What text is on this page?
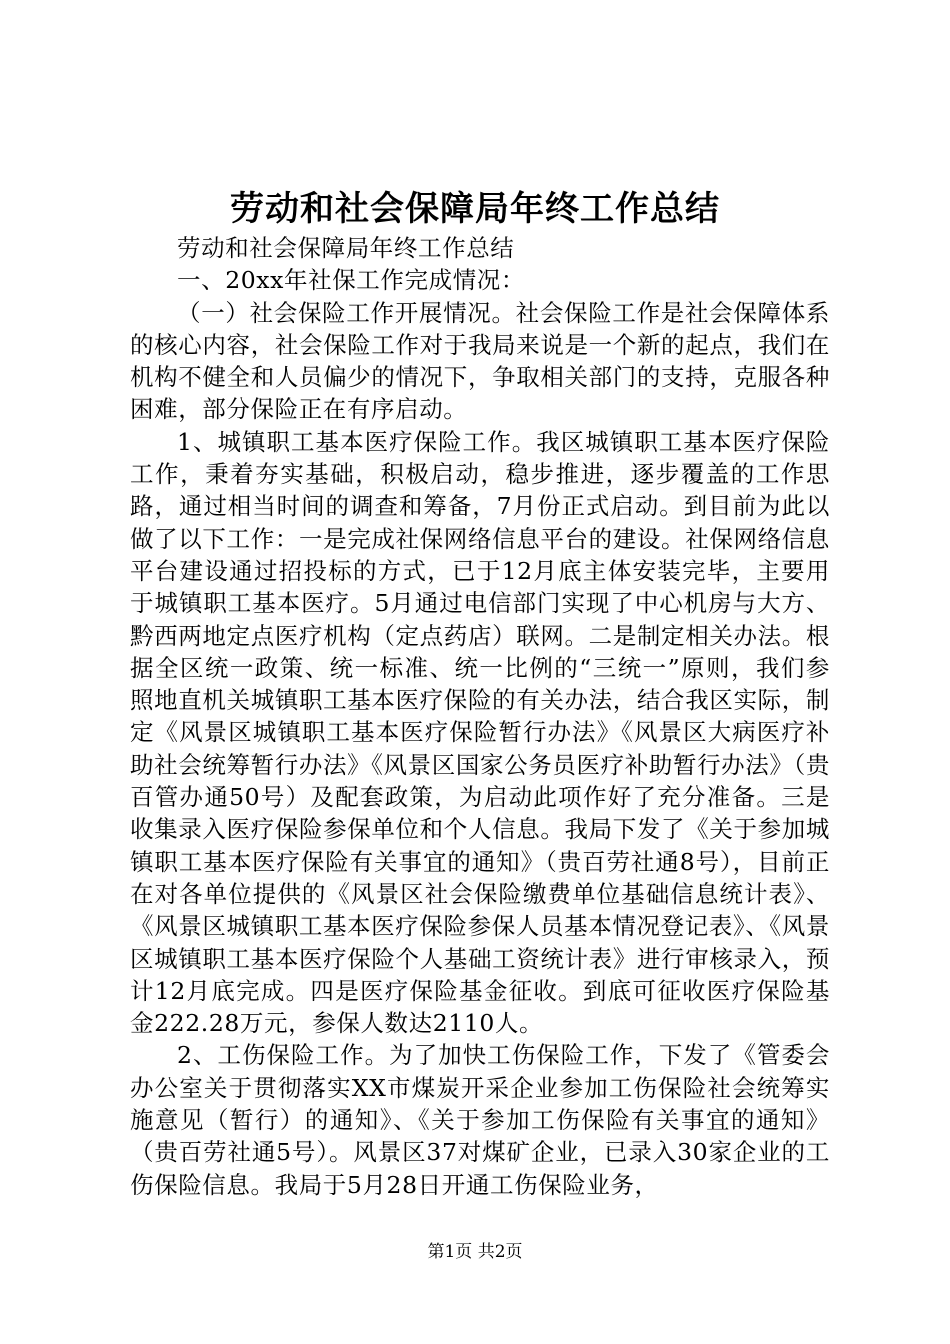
劳动和社会保障局年终工作总结

劳动和社会保障局年终工作总结

一、20xx年社保工作完成情况：

（一）社会保险工作开展情况。社会保险工作是社会保障体系的核心内容，社会保险工作对于我局来说是一个新的起点，我们在机构不健全和人员偏少的情况下，争取相关部门的支持，克服各种困难，部分保险正在有序启动。

1、城镇职工基本医疗保险工作。我区城镇职工基本医疗保险工作，秉着夯实基础，积极启动，稳步推进，逐步覆盖的工作思路，通过相当时间的调查和筹备，7月份正式启动。到目前为此以做了以下工作：一是完成社保网络信息平台的建设。社保网络信息平台建设通过招投标的方式，已于12月底主体安装完毕，主要用于城镇职工基本医疗。5月通过电信部门实现了中心机房与大方、黔西两地定点医疗机构（定点药店）联网。二是制定相关办法。根据全区统一政策、统一标准、统一比例的“三统一”原则，我们参照地直机关城镇职工基本医疗保险的有关办法，结合我区实际，制定《风景区城镇职工基本医疗保险暂行办法》《风景区大病医疗补助社会统筹暂行办法》《风景区国家公务员医疗补助暂行办法》（贵百管办通50号）及配套政策，为启动此项作好了充分准备。三是收集录入医疗保险参保单位和个人信息。我局下发了《关于参加城镇职工基本医疗保险有关事宜的通知》（贵百劳社通8号），目前正在对各单位提供的《风景区社会保险缴费单位基础信息统计表》、《风景区城镇职工基本医疗保险参保人员基本情况登记表》、《风景区城镇职工基本医疗保险个人基础工资统计表》进行审核录入，预计12月底完成。四是医疗保险基金征收。到底可征收医疗保险基金222.28万元，参保人数达2110人。

2、工伤保险工作。为了加快工伤保险工作，下发了《管委会办公室关于贯彻落实XX市煤炭开采企业参加工伤保险社会统筹实施意见（暂行）的通知》、《关于参加工伤保险有关事宜的通知》（贵百劳社通5号）。风景区37对煤矿企业，已录入30家企业的工伤保险信息。我局于5月28日开通工伤保险业务，

第1页 共2页
